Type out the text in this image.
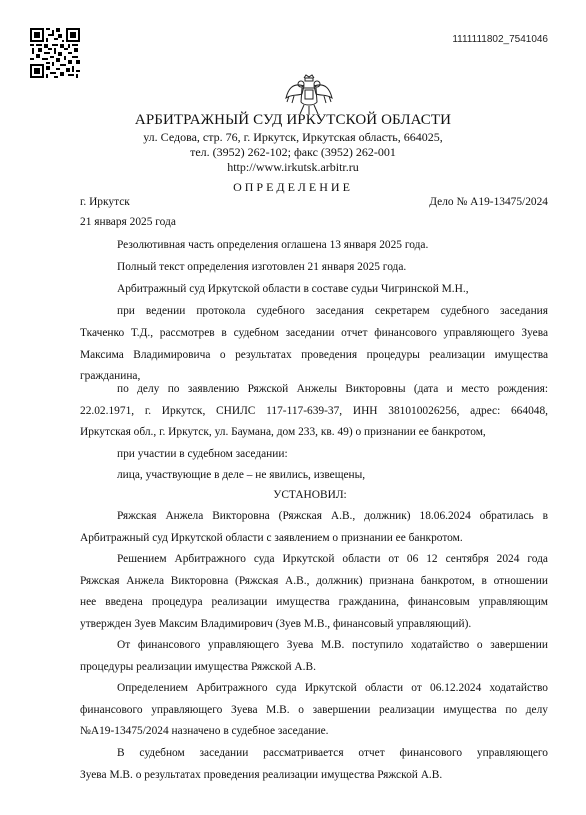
1111111802_7541046
АРБИТРАЖНЫЙ СУД ИРКУТСКОЙ ОБЛАСТИ
ул. Седова, стр. 76, г. Иркутск, Иркутская область, 664025,
тел. (3952) 262-102; факс (3952) 262-001
http://www.irkutsk.arbitr.ru
ОПРЕДЕЛЕНИЕ
г. Иркутск	Дело № А19-13475/2024
21 января 2025 года
Резолютивная часть определения оглашена 13 января 2025 года.
Полный текст определения изготовлен 21 января 2025 года.
Арбитражный суд Иркутской области в составе судьи Чигринской М.Н.,
при ведении протокола судебного заседания секретарем судебного заседания
Ткаченко Т.Д., рассмотрев в судебном заседании отчет финансового управляющего Зуева
Максима Владимировича о результатах проведения процедуры реализации имущества
гражданина,
по делу по заявлению Ряжской Анжелы Викторовны (дата и место рождения:
22.02.1971, г. Иркутск, СНИЛС 117-117-639-37, ИНН 381010026256, адрес: 664048,
Иркутская обл., г. Иркутск, ул. Баумана, дом 233, кв. 49) о признании ее банкротом,
при участии в судебном заседании:
лица, участвующие в деле – не явились, извещены,
УСТАНОВИЛ:
Ряжская Анжела Викторовна (Ряжская А.В., должник) 18.06.2024 обратилась в
Арбитражный суд Иркутской области с заявлением о признании ее банкротом.
Решением Арбитражного суда Иркутской области от 06 12 сентября 2024 года
Ряжская Анжела Викторовна (Ряжская А.В., должник) признана банкротом, в отношении
нее введена процедура реализации имущества гражданина, финансовым управляющим
утвержден Зуев Максим Владимирович (Зуев М.В., финансовый управляющий).
От финансового управляющего Зуева М.В. поступило ходатайство о завершении
процедуры реализации имущества Ряжской А.В.
Определением Арбитражного суда Иркутской области от 06.12.2024 ходатайство
финансового управляющего Зуева М.В. о завершении реализации имущества по делу
№А19-13475/2024 назначено в судебное заседание.
В судебном заседании рассматривается отчет финансового управляющего
Зуева М.В. о результатах проведения реализации имущества Ряжской А.В.
